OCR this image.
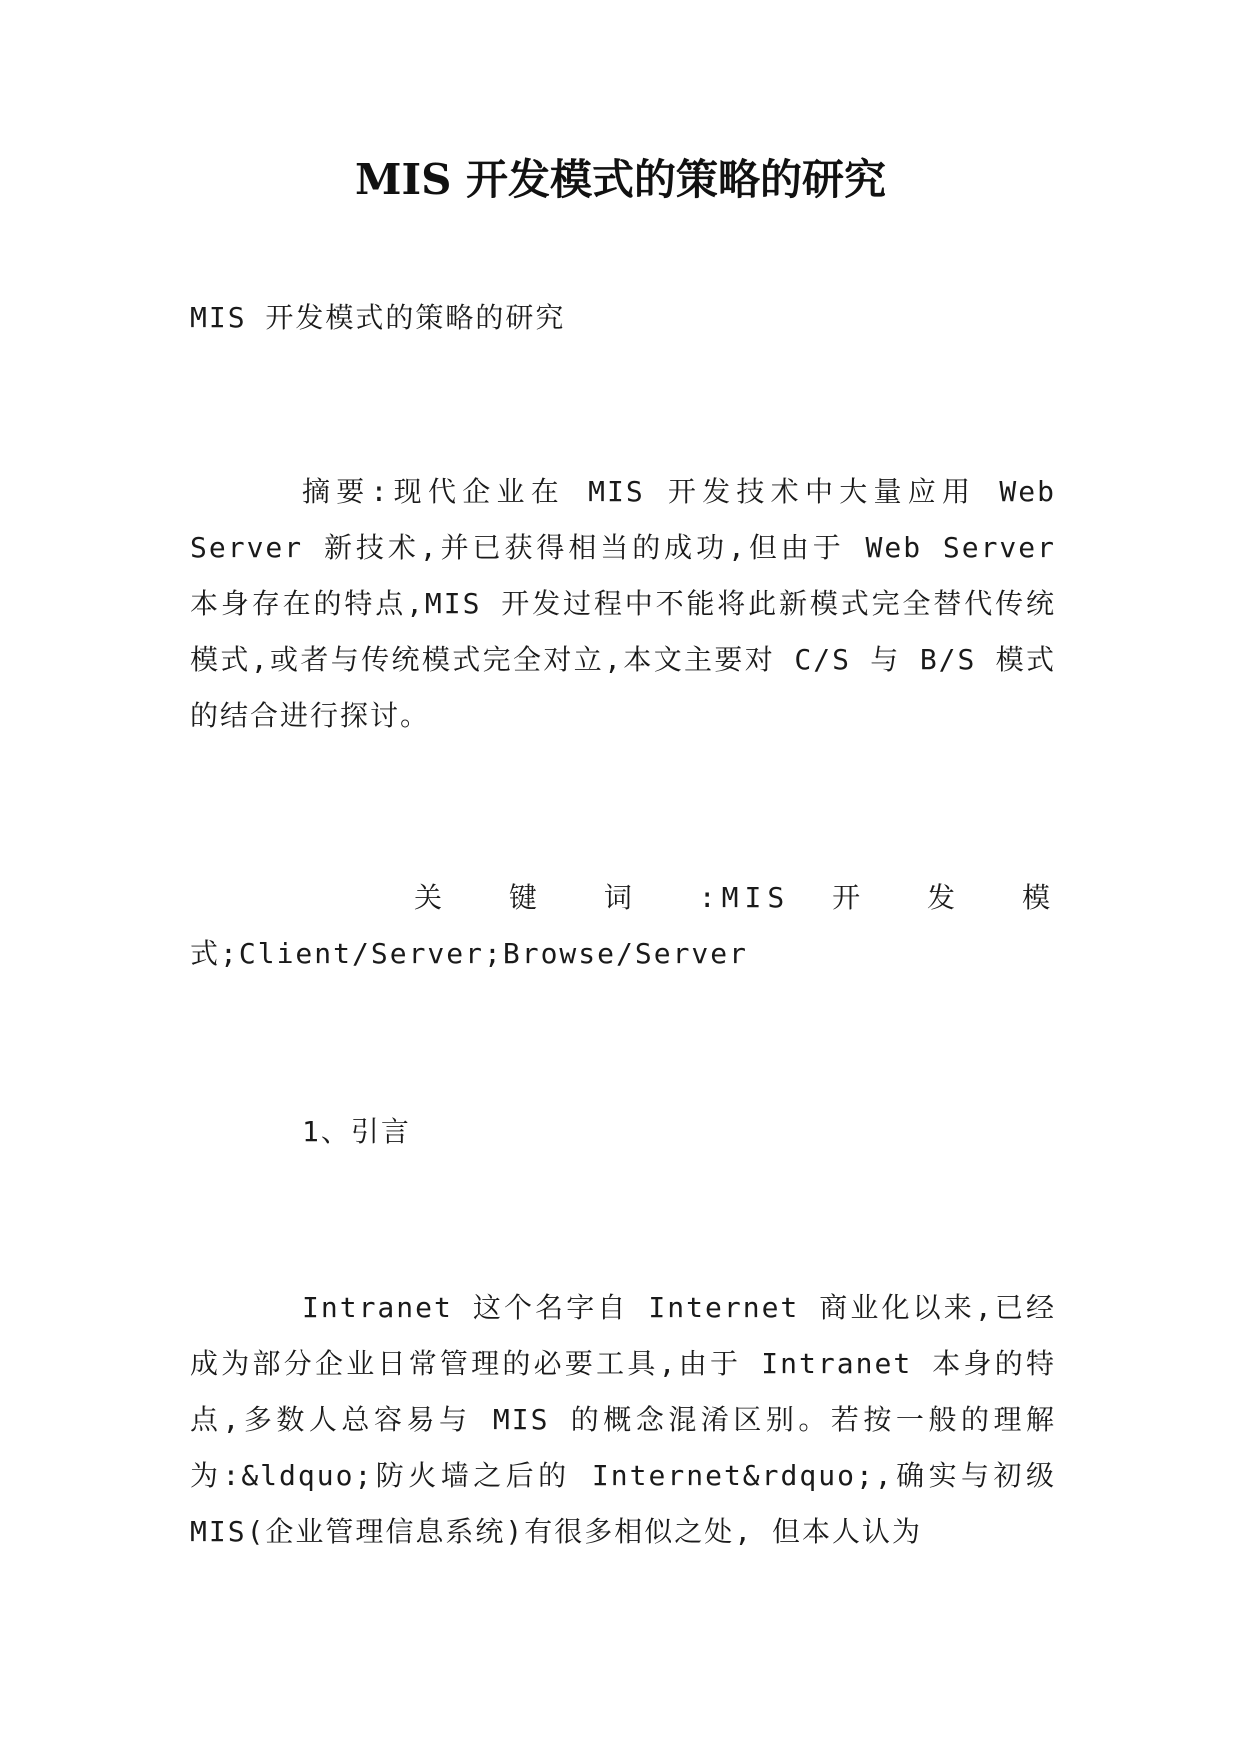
MIS 开发模式的策略的研究

MIS 开发模式的策略的研究

摘要:现代企业在 MIS 开发技术中大量应用 Web Server 新技术,并已获得相当的成功,但由于 Web Server 本身存在的特点,MIS 开发过程中不能将此新模式完全替代传统模式,或者与传统模式完全对立,本文主要对 C/S 与 B/S 模式的结合进行探讨。

关 键 词 :MIS 开 发 模
式;Client/Server;Browse/Server

1、引言

Intranet 这个名字自 Internet 商业化以来,已经成为部分企业日常管理的必要工具,由于 Intranet 本身的特点,多数人总容易与 MIS 的概念混淆区别。若按一般的理解为:&ldquo;防火墙之后的 Internet&rdquo;,确实与初级 MIS(企业管理信息系统)有很多相似之处, 但本人认为
